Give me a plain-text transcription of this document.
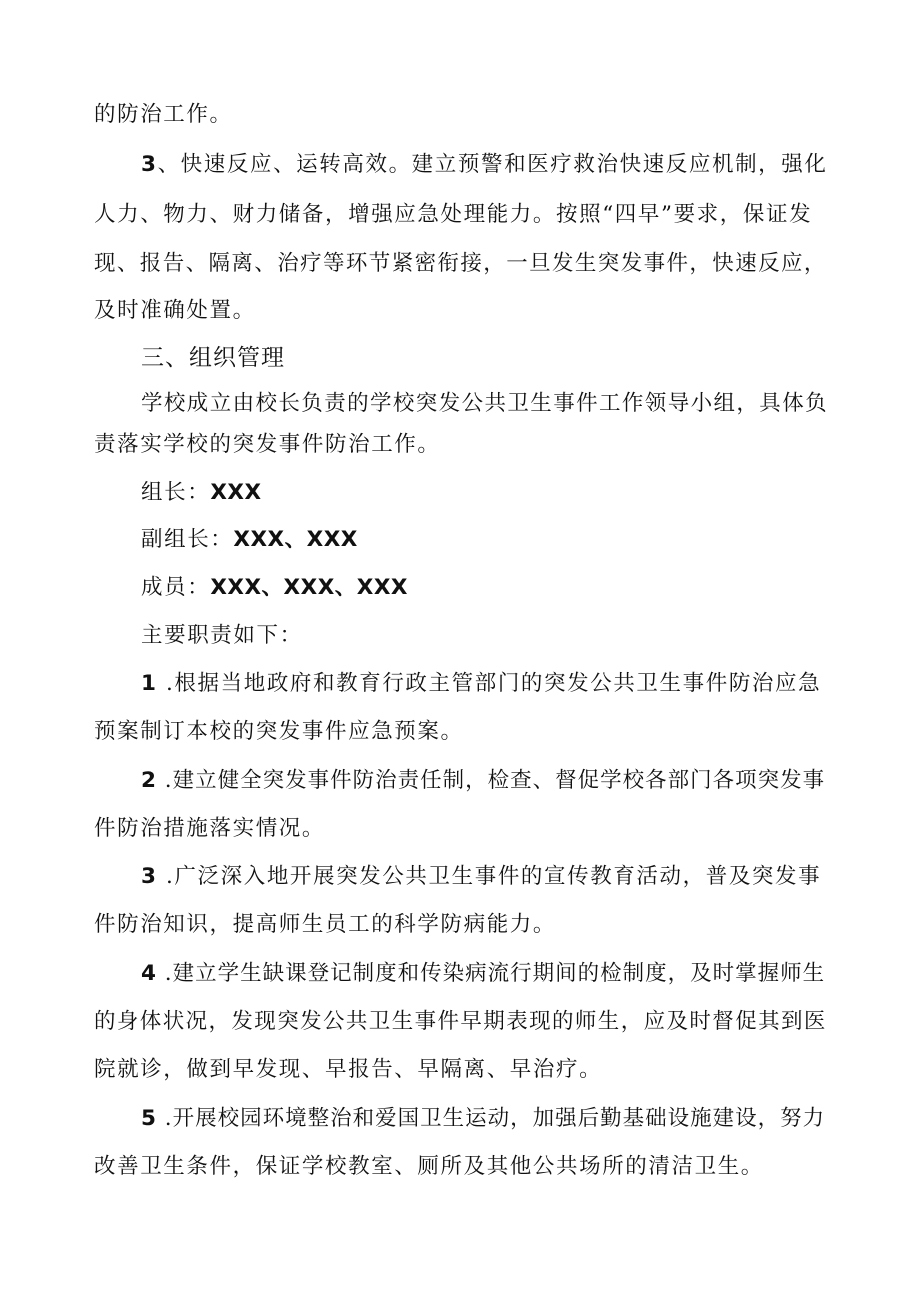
的防治工作。
3、快速反应、运转高效。建立预警和医疗救治快速反应机制，强化
人力、物力、财力储备，增强应急处理能力。按照“四早”要求，保证发
现、报告、隔离、治疗等环节紧密衔接，一旦发生突发事件，快速反应，
及时准确处置。
三、组织管理
学校成立由校长负责的学校突发公共卫生事件工作领导小组，具体负
责落实学校的突发事件防治工作。
组长：XXX
副组长：XXX、XXX
成员：XXX、XXX、XXX
主要职责如下：
1 .根据当地政府和教育行政主管部门的突发公共卫生事件防治应急
预案制订本校的突发事件应急预案。
2 .建立健全突发事件防治责任制，检查、督促学校各部门各项突发事
件防治措施落实情况。
3 .广泛深入地开展突发公共卫生事件的宣传教育活动，普及突发事
件防治知识，提高师生员工的科学防病能力。
4 .建立学生缺课登记制度和传染病流行期间的检制度，及时掌握师生
的身体状况，发现突发公共卫生事件早期表现的师生，应及时督促其到医
院就诊，做到早发现、早报告、早隔离、早治疗。
5 .开展校园环境整治和爱国卫生运动，加强后勤基础设施建设，努力
改善卫生条件，保证学校教室、厕所及其他公共场所的清洁卫生。
